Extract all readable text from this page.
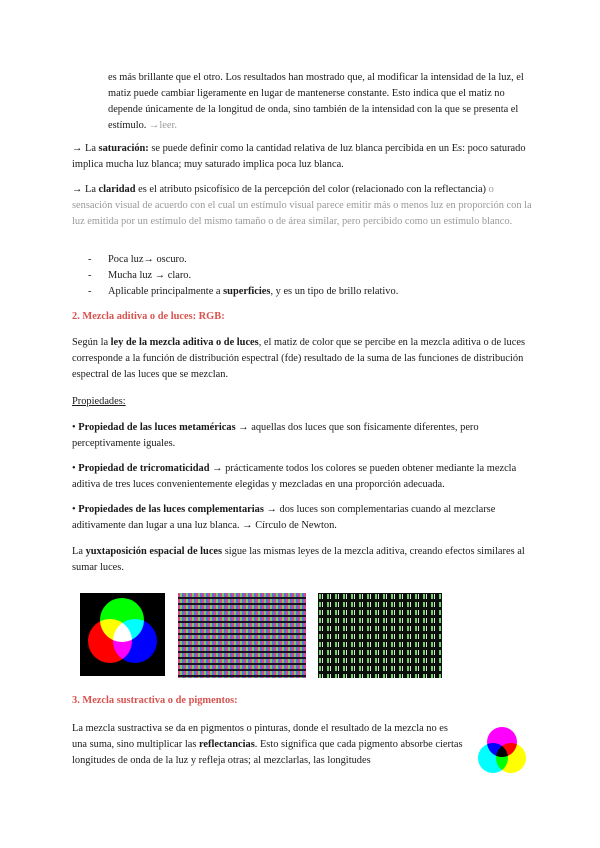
es más brillante que el otro. Los resultados han mostrado que, al modificar la intensidad de la luz, el matiz puede cambiar ligeramente en lugar de mantenerse constante. Esto indica que el matiz no depende únicamente de la longitud de onda, sino también de la intensidad con la que se presenta el estímulo. →leer.

→ La saturación: se puede definir como la cantidad relativa de luz blanca percibida en un Es: poco saturado implica mucha luz blanca; muy saturado implica poca luz blanca.

→ La claridad es el atributo psicofísico de la percepción del color (relacionado con la reflectancia) o sensación visual de acuerdo con el cual un estímulo visual parece emitir más o menos luz en proporción con la luz emitida por un estímulo del mismo tamaño o de área similar, pero percibido como un estímulo blanco.

- Poca luz→ oscuro.
- Mucha luz → claro.
- Aplicable principalmente a superficies, y es un tipo de brillo relativo.

2. Mezcla aditiva o de luces: RGB:

Según la ley de la mezcla aditiva o de luces, el matiz de color que se percibe en la mezcla aditiva o de luces corresponde a la función de distribución espectral (fde) resultado de la suma de las funciones de distribución espectral de las luces que se mezclan.

Propiedades:

• Propiedad de las luces metaméricas → aquellas dos luces que son físicamente diferentes, pero perceptivamente iguales.

• Propiedad de tricromaticidad → prácticamente todos los colores se pueden obtener mediante la mezcla aditiva de tres luces convenientemente elegidas y mezcladas en una proporción adecuada.

• Propiedades de las luces complementarias → dos luces son complementarias cuando al mezclarse aditivamente dan lugar a una luz blanca. → Círculo de Newton.

La yuxtaposición espacial de luces sigue las mismas leyes de la mezcla aditiva, creando efectos similares al sumar luces.

3. Mezcla sustractiva o de pigmentos:

La mezcla sustractiva se da en pigmentos o pinturas, donde el resultado de la mezcla no es una suma, sino multiplicar las reflectancias. Esto significa que cada pigmento absorbe ciertas longitudes de onda de la luz y refleja otras; al mezclarlas, las longitudes
